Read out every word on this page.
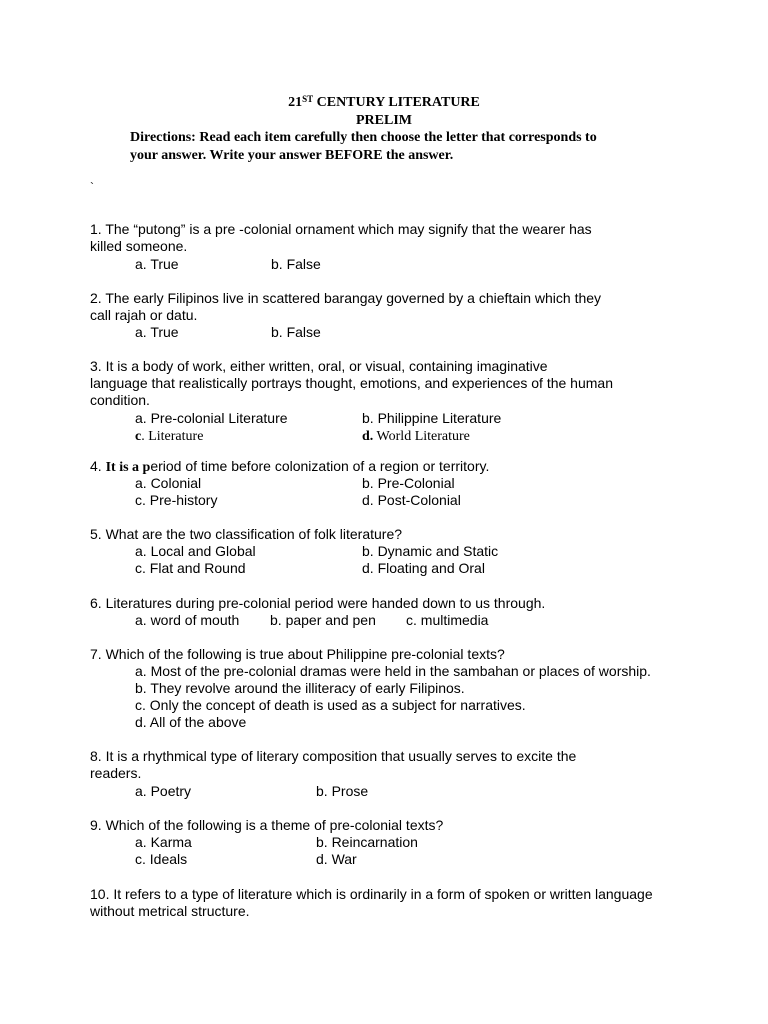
21ST CENTURY LITERATURE
PRELIM
Directions: Read each item carefully then choose the letter that corresponds to
your answer. Write your answer BEFORE the answer.
`
1. The “putong” is a pre -colonial ornament which may signify that the wearer has
killed someone.
a. True	b. False
2. The early Filipinos live in scattered barangay governed by a chieftain which they
call rajah or datu.
a. True	b. False
3. It is a body of work, either written, oral, or visual, containing imaginative
language that realistically portrays thought, emotions, and experiences of the human
condition.
a. Pre-colonial Literature	b. Philippine Literature
c. Literature	d. World Literature
4. It is a period of time before colonization of a region or territory.
a. Colonial	b. Pre-Colonial
c. Pre-history	d. Post-Colonial
5. What are the two classification of folk literature?
a. Local and Global	b. Dynamic and Static
c. Flat and Round	d. Floating and Oral
6. Literatures during pre-colonial period were handed down to us through.
a. word of mouth b. paper and pen c. multimedia
7. Which of the following is true about Philippine pre-colonial texts?
a. Most of the pre-colonial dramas were held in the sambahan or places of worship.
b. They revolve around the illiteracy of early Filipinos.
c. Only the concept of death is used as a subject for narratives.
d. All of the above
8. It is a rhythmical type of literary composition that usually serves to excite the
readers.
a. Poetry	b. Prose
9. Which of the following is a theme of pre-colonial texts?
a. Karma	b. Reincarnation
c. Ideals	d. War
10. It refers to a type of literature which is ordinarily in a form of spoken or written language
without metrical structure.
